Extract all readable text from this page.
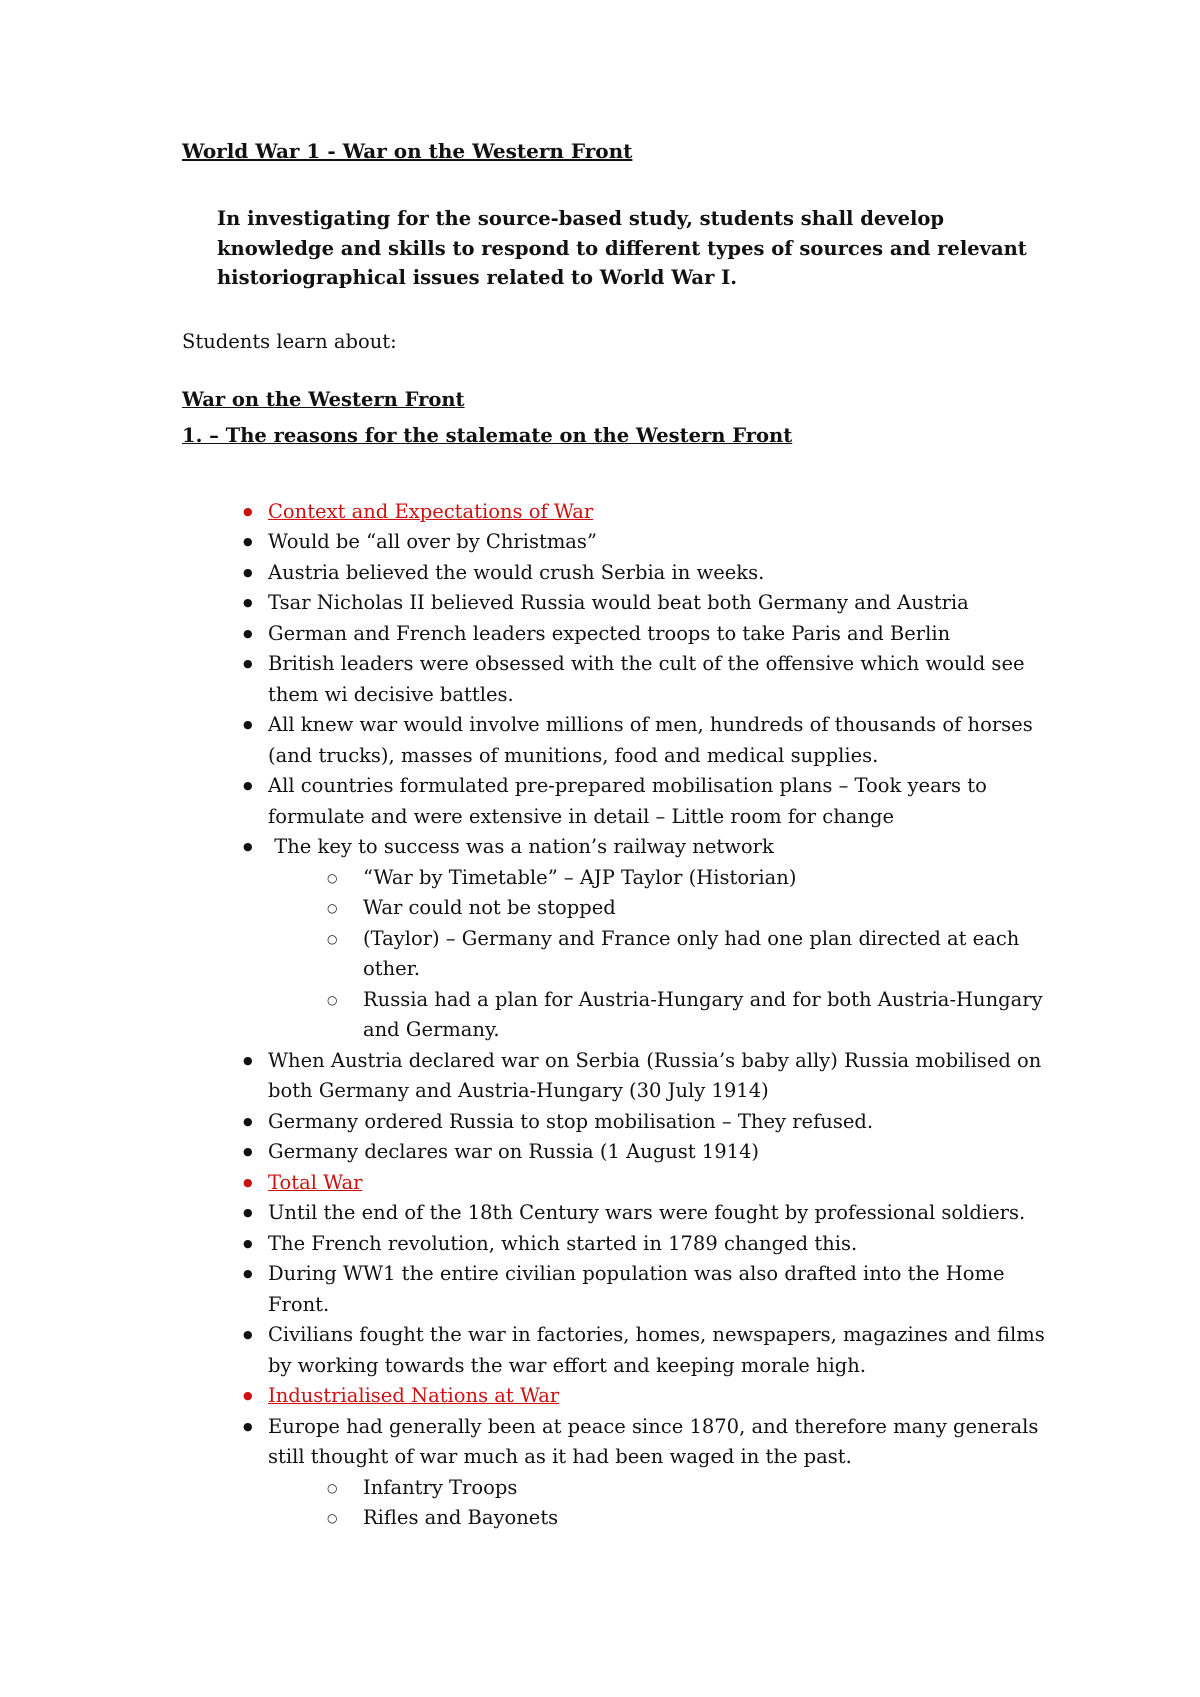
World War 1 - War on the Western Front

In investigating for the source-based study, students shall develop knowledge and skills to respond to different types of sources and relevant historiographical issues related to World War I.

Students learn about:

War on the Western Front
1. – The reasons for the stalemate on the Western Front
● Context and Expectations of War
● Would be “all over by Christmas”
● Austria believed the would crush Serbia in weeks.
● Tsar Nicholas II believed Russia would beat both Germany and Austria
● German and French leaders expected troops to take Paris and Berlin
● British leaders were obsessed with the cult of the offensive which would see them wi decisive battles.
● All knew war would involve millions of men, hundreds of thousands of horses (and trucks), masses of munitions, food and medical supplies.
● All countries formulated pre-prepared mobilisation plans – Took years to formulate and were extensive in detail – Little room for change
● The key to success was a nation’s railway network
○	“War by Timetable” – AJP Taylor (Historian)
○	War could not be stopped
○	(Taylor) – Germany and France only had one plan directed at each other.
○	Russia had a plan for Austria-Hungary and for both Austria-Hungary and Germany.
● When Austria declared war on Serbia (Russia’s baby ally) Russia mobilised on both Germany and Austria-Hungary (30 July 1914)
● Germany ordered Russia to stop mobilisation – They refused.
● Germany declares war on Russia (1 August 1914)
● Total War
● Until the end of the 18th Century wars were fought by professional soldiers.
● The French revolution, which started in 1789 changed this.
● During WW1 the entire civilian population was also drafted into the Home Front.
● Civilians fought the war in factories, homes, newspapers, magazines and films by working towards the war effort and keeping morale high.
● Industrialised Nations at War
● Europe had generally been at peace since 1870, and therefore many generals still thought of war much as it had been waged in the past.
○	Infantry Troops
○	Rifles and Bayonets
